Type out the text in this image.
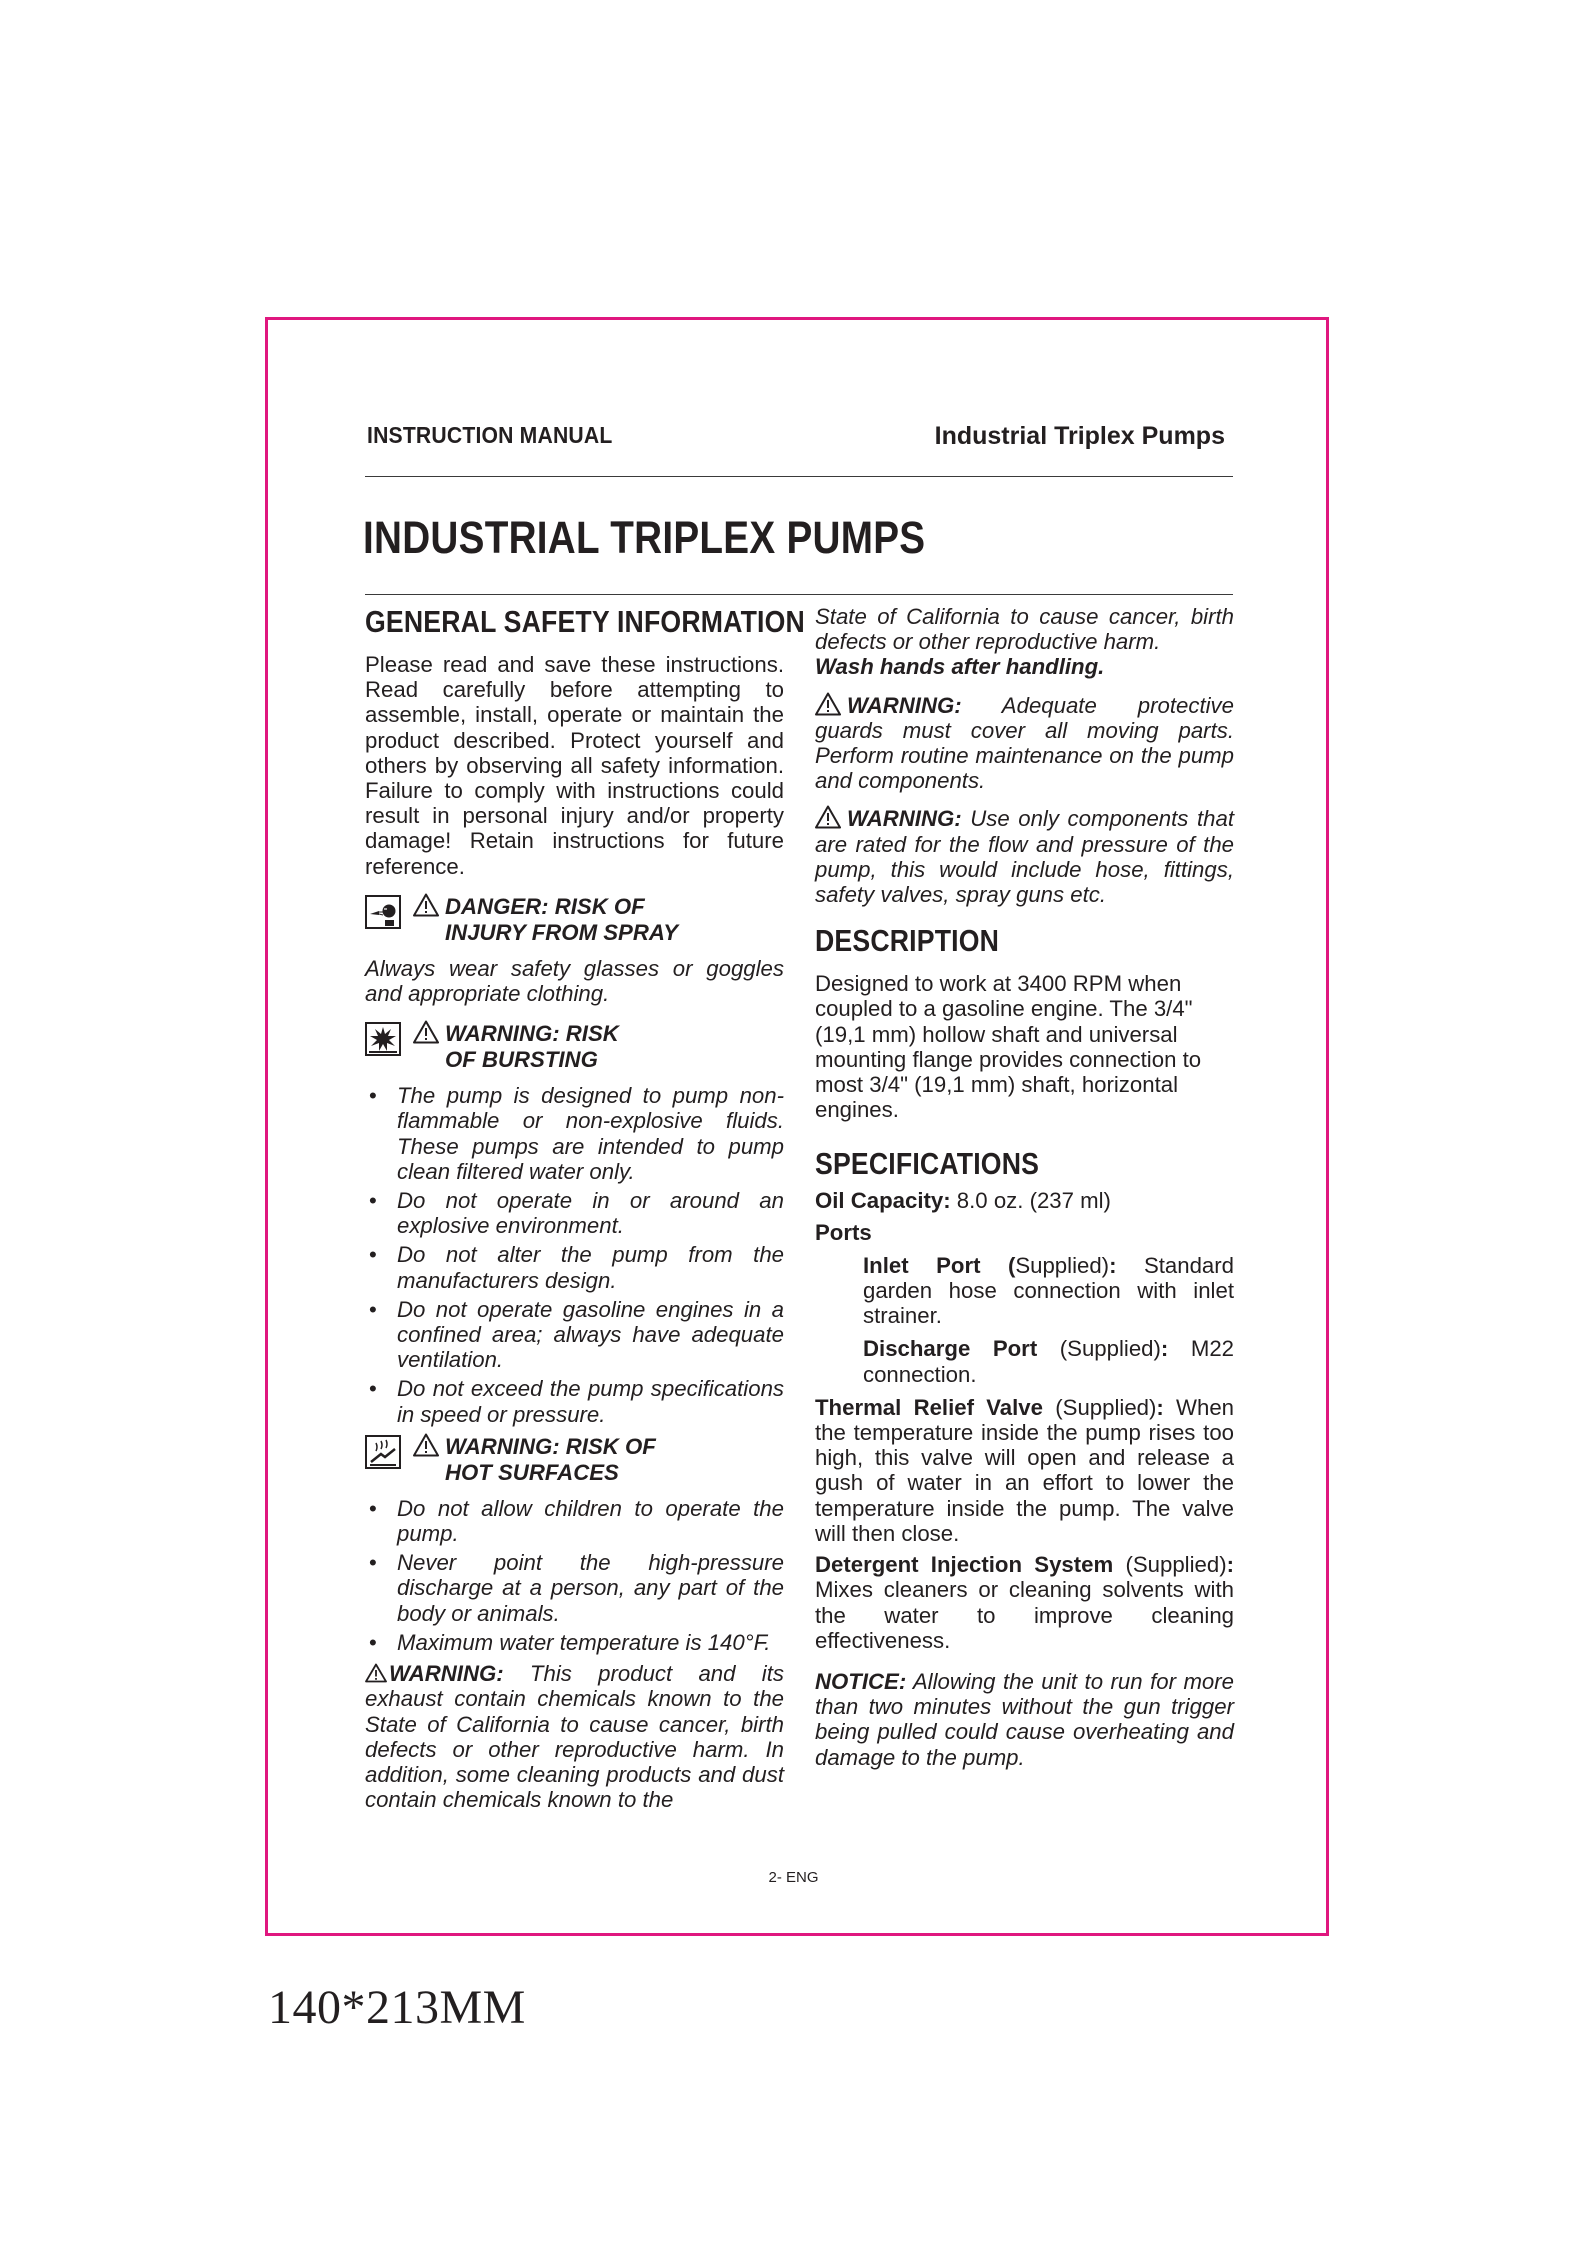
INSTRUCTION MANUAL	Industrial Triplex Pumps
INDUSTRIAL TRIPLEX PUMPS
GENERAL SAFETY INFORMATION

Please read and save these instructions. Read carefully before attempting to assemble, install, operate or maintain the product described. Protect yourself and others by observing all safety information. Failure to comply with instructions could result in personal injury and/or property damage! Retain instructions for future reference.

DANGER: RISK OF
INJURY FROM SPRAY

Always wear safety glasses or goggles and appropriate clothing.

WARNING: RISK
OF BURSTING
• The pump is designed to pump non-flammable or non-explosive fluids. These pumps are intended to pump clean filtered water only.
• Do not operate in or around an explosive environment.
• Do not alter the pump from the manufacturers design.
• Do not operate gasoline engines in a confined area; always have adequate ventilation.
• Do not exceed the pump specifications in speed or pressure.
WARNING: RISK OF
HOT SURFACES
• Do not allow children to operate the pump.
• Never point the high-pressure discharge at a person, any part of the body or animals.
• Maximum water temperature is 140°F.

WARNING: This product and its exhaust contain chemicals known to the State of California to cause cancer, birth defects or other reproductive harm. In addition, some cleaning products and dust contain chemicals known to the

State of California to cause cancer, birth defects or other reproductive harm.

Wash hands after handling.

WARNING: Adequate protective guards must cover all moving parts. Perform routine maintenance on the pump and components.

WARNING: Use only components that are rated for the flow and pressure of the pump, this would include hose, fittings, safety valves, spray guns etc.

DESCRIPTION

Designed to work at 3400 RPM when coupled to a gasoline engine. The 3/4" (19,1 mm) hollow shaft and universal mounting flange provides connection to most 3/4" (19,1 mm) shaft, horizontal engines.

SPECIFICATIONS

Oil Capacity: 8.0 oz. (237 ml)

Ports

Inlet Port (Supplied): Standard garden hose connection with inlet strainer.

Discharge Port (Supplied): M22 connection.

Thermal Relief Valve (Supplied): When the temperature inside the pump rises too high, this valve will open and release a gush of water in an effort to lower the temperature inside the pump. The valve will then close.

Detergent Injection System (Supplied): Mixes cleaners or cleaning solvents with the water to improve cleaning effectiveness.

NOTICE: Allowing the unit to run for more than two minutes without the gun trigger being pulled could cause overheating and damage to the pump.

2- ENG
140*213MM
